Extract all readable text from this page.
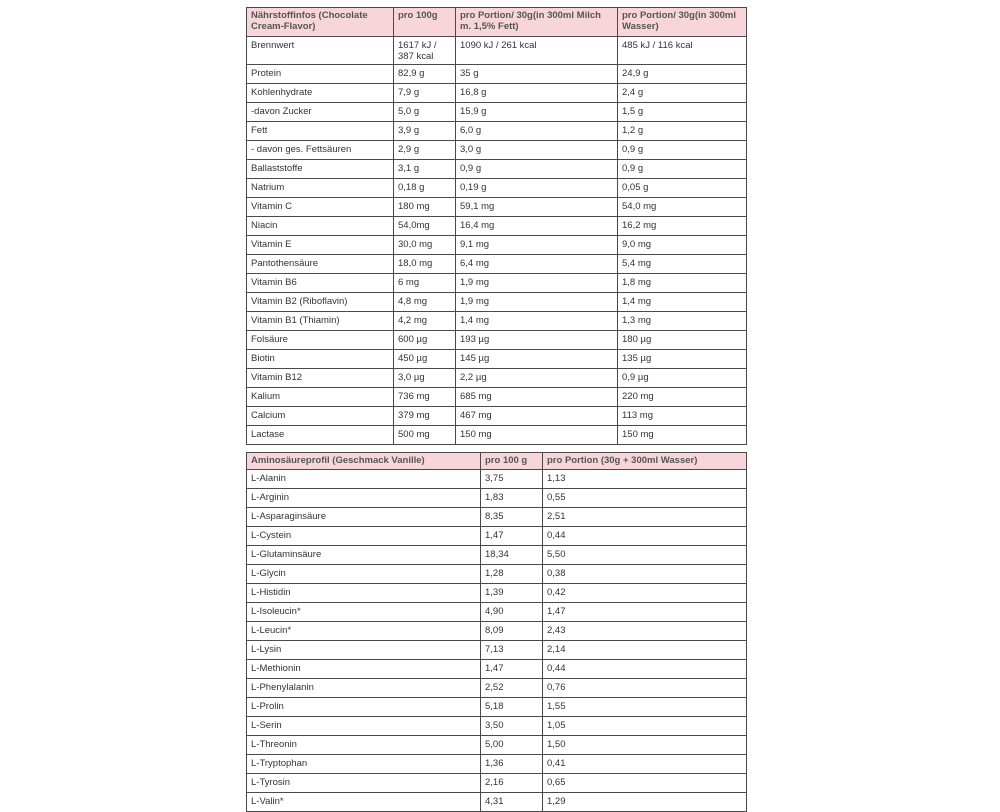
Nährstoffinfos (Chocolate Cream-Flavor)	pro 100g	pro Portion/ 30g(in 300ml Milch m. 1,5% Fett)	pro Portion/ 30g(in 300ml Wasser)
Brennwert	1617 kJ / 387 kcal	1090 kJ / 261 kcal	485 kJ / 116 kcal
Protein	82,9 g	35 g	24,9 g
Kohlenhydrate	7,9 g	16,8 g	2,4 g
-davon Zucker	5,0 g	15,9 g	1,5 g
Fett	3,9 g	6,0 g	1,2 g
- davon ges. Fettsäuren	2,9 g	3,0 g	0,9 g
Ballaststoffe	3,1 g	0,9 g	0,9 g
Natrium	0,18 g	0,19 g	0,05 g
Vitamin C	180 mg	59,1 mg	54,0 mg
Niacin	54,0mg	16,4 mg	16,2 mg
Vitamin E	30,0 mg	9,1 mg	9,0 mg
Pantothensäure	18,0 mg	6,4 mg	5,4 mg
Vitamin B6	6 mg	1,9 mg	1,8 mg
Vitamin B2 (Riboflavin)	4,8 mg	1,9 mg	1,4 mg
Vitamin B1 (Thiamin)	4,2 mg	1,4 mg	1,3 mg
Folsäure	600 µg	193 µg	180 µg
Biotin	450 µg	145 µg	135 µg
Vitamin B12	3,0 µg	2,2 µg	0,9 µg
Kalium	736 mg	685 mg	220 mg
Calcium	379 mg	467 mg	113 mg
Lactase	500 mg	150 mg	150 mg
Aminosäureprofil (Geschmack Vanille)	pro 100 g	pro Portion (30g + 300ml Wasser)
L-Alanin	3,75	1,13
L-Arginin	1,83	0,55
L-Asparaginsäure	8,35	2,51
L-Cystein	1,47	0,44
L-Glutaminsäure	18,34	5,50
L-Glycin	1,28	0,38
L-Histidin	1,39	0,42
L-Isoleucin*	4,90	1,47
L-Leucin*	8,09	2,43
L-Lysin	7,13	2,14
L-Methionin	1,47	0,44
L-Phenylalanin	2,52	0,76
L-Prolin	5,18	1,55
L-Serin	3,50	1,05
L-Threonin	5,00	1,50
L-Tryptophan	1,36	0,41
L-Tyrosin	2,16	0,65
L-Valin*	4,31	1,29
